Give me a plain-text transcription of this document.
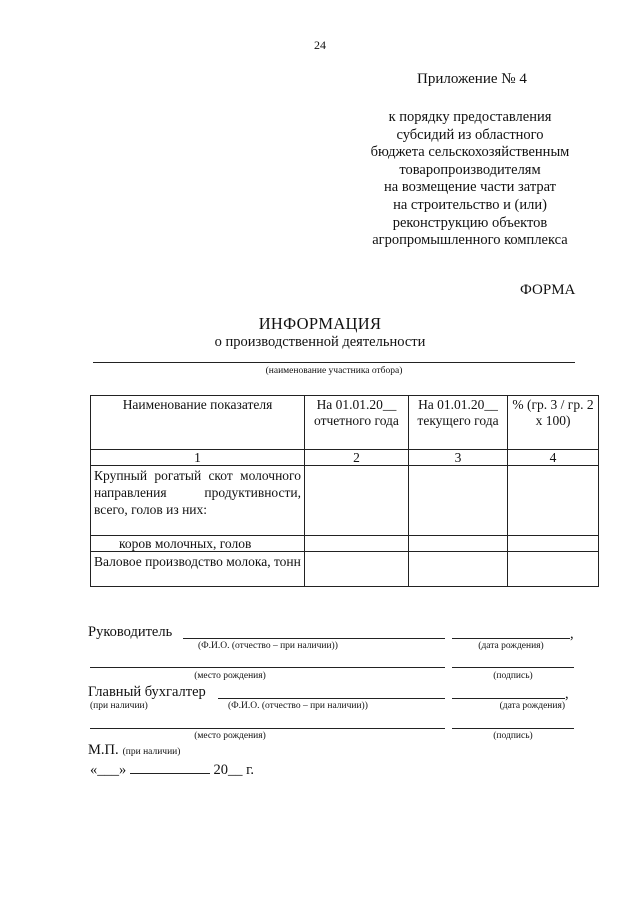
24
Приложение № 4
к порядку предоставления
субсидий из областного
бюджета сельскохозяйственным
товаропроизводителям
на возмещение части затрат
на строительство и (или)
реконструкцию объектов
агропромышленного комплекса
ФОРМА
ИНФОРМАЦИЯ
о производственной деятельности
(наименование участника отбора)
Наименование показателя	На 01.01.20__ отчетного года	На 01.01.20__ текущего года	% (гр. 3 / гр. 2 х 100)
1	2	3	4
Крупный рогатый скот молочного направления продуктивности, всего, голов из них:			
коров молочных, голов			
Валовое производство молока, тонн			
Руководитель	,
(Ф.И.О. (отчество – при наличии))	(дата рождения)
(место рождения)	(подпись)
Главный бухгалтер	,
(при наличии)	(Ф.И.О. (отчество – при наличии))	(дата рождения)
(место рождения)	(подпись)
М.П. (при наличии)
«___»	20__ г.
